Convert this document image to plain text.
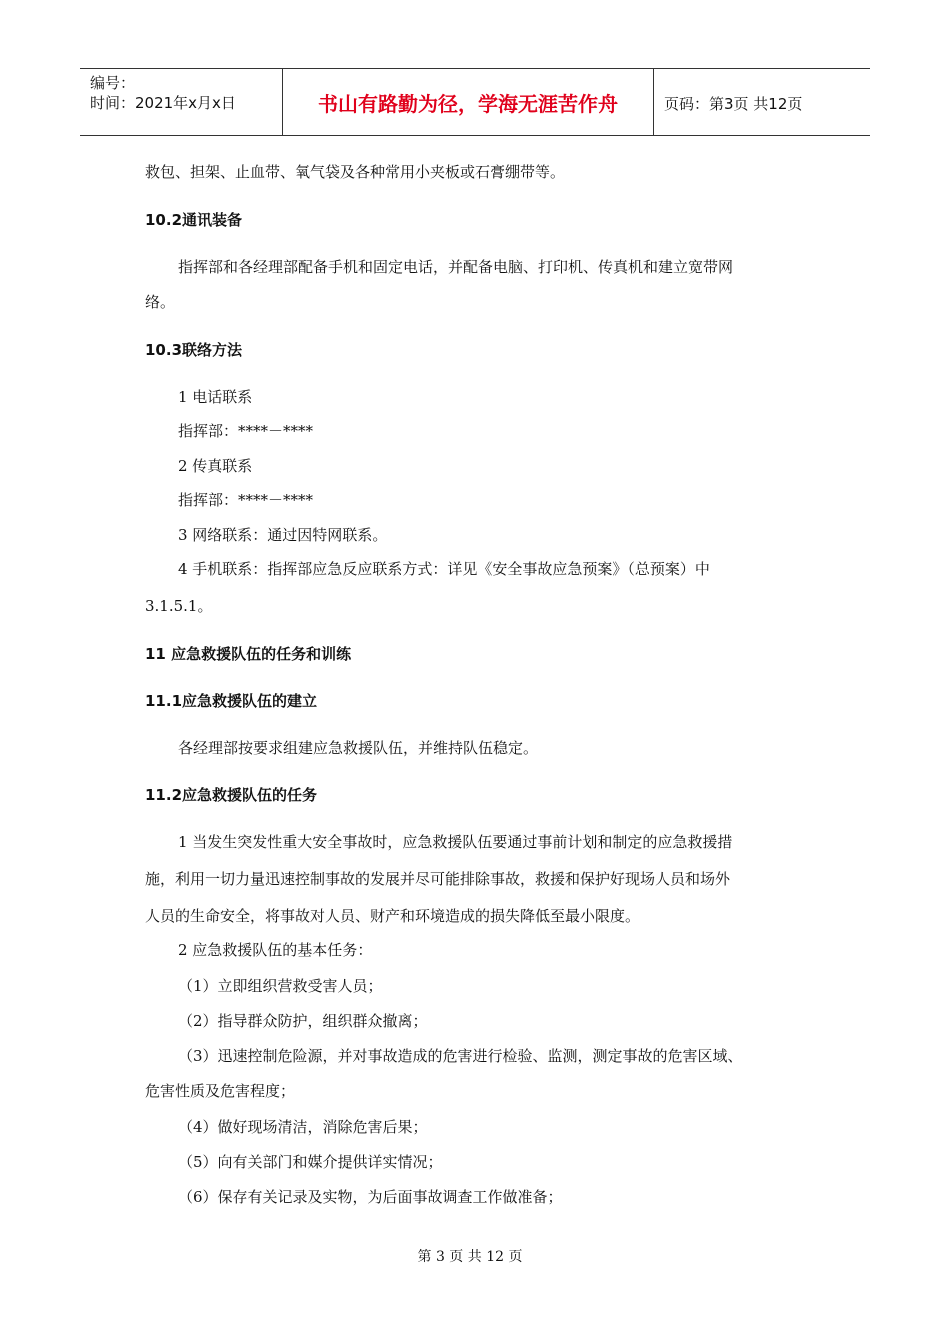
编号：
时间：2021年x月x日	书山有路勤为径，学海无涯苦作舟	页码：第3页 共12页
救包、担架、止血带、氧气袋及各种常用小夹板或石膏绷带等。
10.2通讯装备
指挥部和各经理部配备手机和固定电话，并配备电脑、打印机、传真机和建立宽带网
络。
10.3联络方法
1 电话联系
指挥部：****－****
2 传真联系
指挥部：****－****
3 网络联系：通过因特网联系。
4 手机联系：指挥部应急反应联系方式：详见《安全事故应急预案》（总预案）中
3.1.5.1。
11 应急救援队伍的任务和训练
11.1应急救援队伍的建立
各经理部按要求组建应急救援队伍，并维持队伍稳定。
11.2应急救援队伍的任务
1 当发生突发性重大安全事故时，应急救援队伍要通过事前计划和制定的应急救援措
施，利用一切力量迅速控制事故的发展并尽可能排除事故，救援和保护好现场人员和场外
人员的生命安全，将事故对人员、财产和环境造成的损失降低至最小限度。
2 应急救援队伍的基本任务：
（1）立即组织营救受害人员；
（2）指导群众防护，组织群众撤离；
（3）迅速控制危险源，并对事故造成的危害进行检验、监测，测定事故的危害区域、
危害性质及危害程度；
（4）做好现场清洁，消除危害后果；
（5）向有关部门和媒介提供详实情况；
（6）保存有关记录及实物，为后面事故调查工作做准备；
第 3 页 共 12 页
